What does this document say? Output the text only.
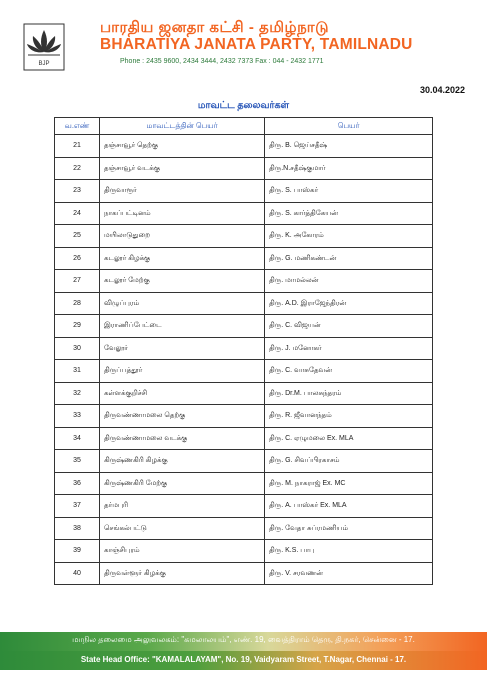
BJP
பாரதிய ஜனதா கட்சி - தமிழ்நாடு
BHARATIYA JANATA PARTY, TAMILNADU
Phone : 2435 9600, 2434 3444, 2432 7373 Fax : 044 - 2432 1771
30.04.2022
மாவட்ட தலைவர்கள்
வ.எண்	மாவட்டத்தின் பெயர்	பெயர்
21	தஞ்சாவூர் தெற்கு	திரு. B. ஜெய்சதீஷ்
22	தஞ்சாவூர் வடக்கு	திரு.N.சதீஷ்குமார்
23	திருவாரூர்	திரு. S. பாஸ்கர்
24	நாகப்பட்டினம்	திரு. S. கார்த்திகேயன்
25	மயிலாடுதுறை	திரு. K. அகோரம்
26	கடலூர் கிழக்கு	திரு. G. மணிகண்டன்
27	கடலூர் மேற்கு	திரு. மாமல்லன்
28	விழுப்புரம்	திரு. A.D. இராஜேந்திரன்
29	இராணிப்பேட்டை	திரு. C. விஜயன்
30	வேலூர்	திரு. J. மனோகர்
31	திருப்பத்தூர்	திரு. C. வாசுதேவன்
32	கள்ளக்குறிச்சி	திரு. Dr.M. பாலசுந்தரம்
33	திருவண்ணாமலை தெற்கு	திரு. R. ஜீவானந்தம்
34	திருவண்ணாமலை வடக்கு	திரு. C. ஏழுமலை Ex. MLA
35	கிருஷ்ணகிரி கிழக்கு	திரு. G. சிவப்பிரகாசம்
36	கிருஷ்ணகிரி மேற்கு	திரு. M. நாகராஜ் Ex. MC
37	தர்மபுரி	திரு. A. பாஸ்கர் Ex. MLA
38	செங்கல்பட்டு	திரு. வேதா சுப்ரமணியம்
39	காஞ்சிபுரம்	திரு. K.S. பாபு
40	திருவள்ளூர் கிழக்கு	திரு. V. சரவணன்
மாநில தலைமை அலுவலகம்: "கமலாலயம்", எண். 19, வைத்திராம் தெரு, தி.நகர், சென்னை - 17.
State Head Office: "KAMALALAYAM", No. 19, Vaidyaram Street, T.Nagar, Chennai - 17.
